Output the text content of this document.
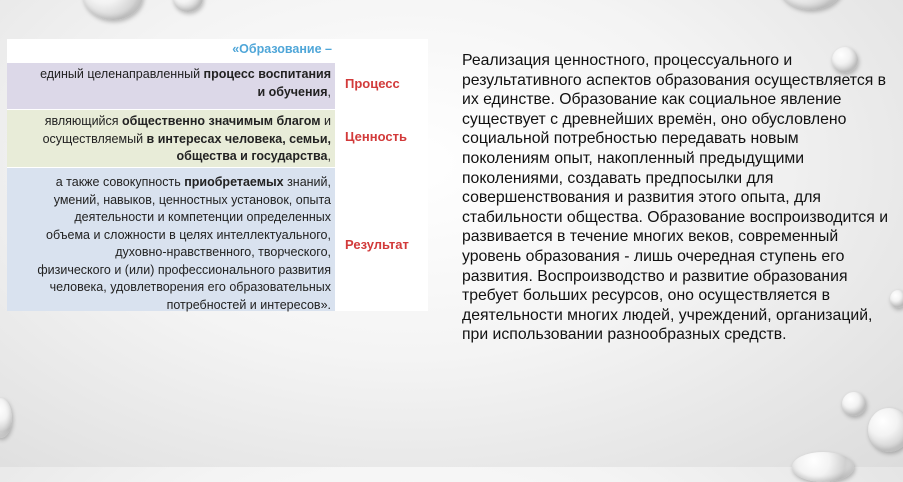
«Образование –
единый целенаправленный процесс воспитания
и обучения,
являющийся общественно значимым благом и
осуществляемый в интересах человека, семьи,
общества и государства,
а также совокупность приобретаемых знаний,
умений, навыков, ценностных установок, опыта
деятельности и компетенции определенных
объема и сложности в целях интеллектуального,
духовно-нравственного, творческого,
физического и (или) профессионального развития
человека, удовлетворения его образовательных
потребностей и интересов».
Процесс
Ценность
Результат

Реализация ценностного, процессуального и результативного аспектов образования осуществляется в их единстве. Образование как социальное явление существует с древнейших времён, оно обусловлено социальной потребностью передавать новым поколениям опыт, накопленный предыдущими поколениями, создавать предпосылки для совершенствования и развития этого опыта, для стабильности общества. Образование воспроизводится и развивается в течение многих веков, современный уровень образования - лишь очередная ступень его развития. Воспроизводство и развитие образования требует больших ресурсов, оно осуществляется в деятельности многих людей, учреждений, организаций, при использовании разнообразных средств.
